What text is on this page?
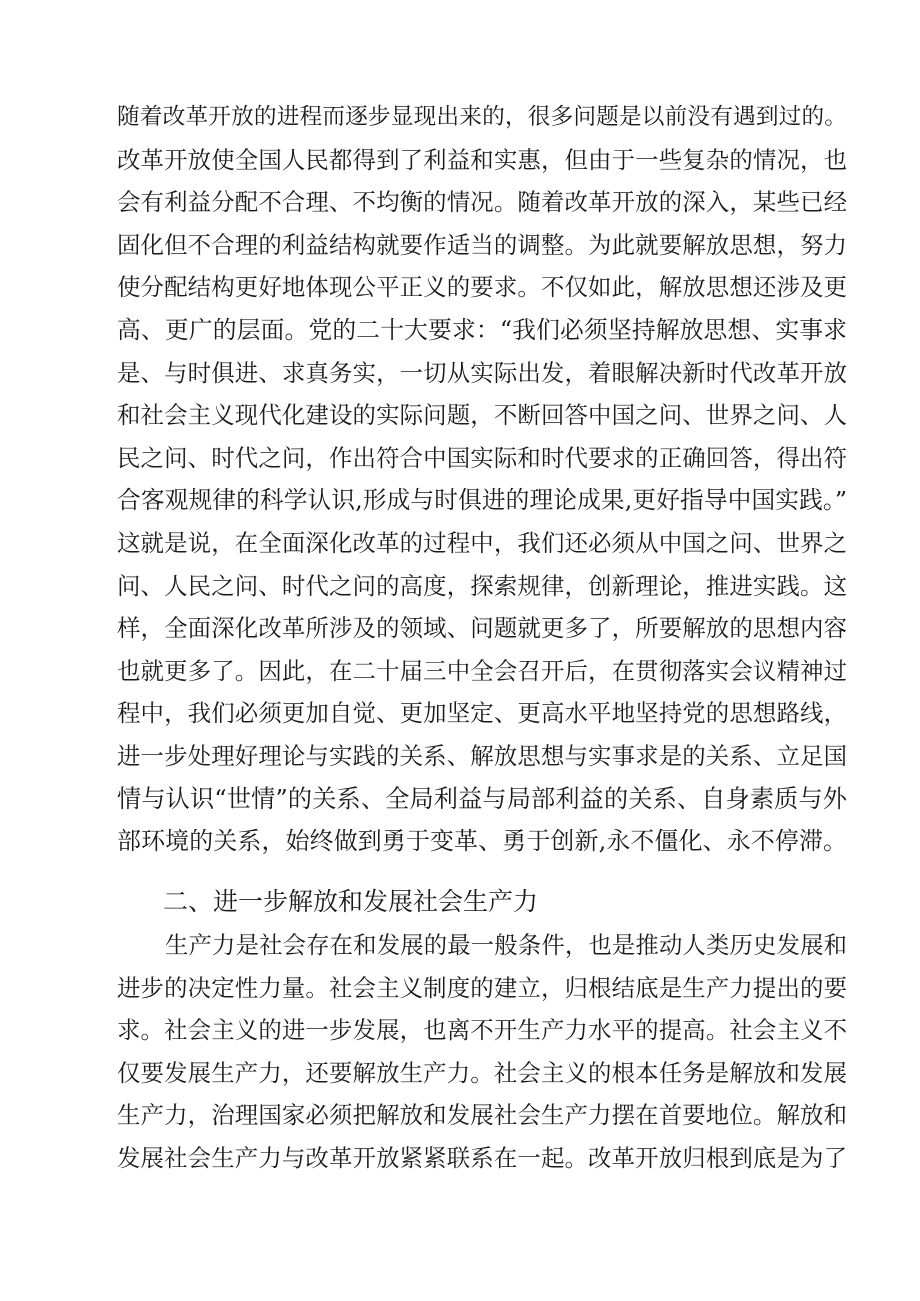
随着改革开放的进程而逐步显现出来的，很多问题是以前没有遇到过的。
改革开放使全国人民都得到了利益和实惠，但由于一些复杂的情况，也
会有利益分配不合理、不均衡的情况。随着改革开放的深入，某些已经
固化但不合理的利益结构就要作适当的调整。为此就要解放思想，努力
使分配结构更好地体现公平正义的要求。不仅如此，解放思想还涉及更
高、更广的层面。党的二十大要求：“我们必须坚持解放思想、实事求
是、与时俱进、求真务实，一切从实际出发，着眼解决新时代改革开放
和社会主义现代化建设的实际问题，不断回答中国之问、世界之问、人
民之问、时代之问，作出符合中国实际和时代要求的正确回答，得出符
合客观规律的科学认识,形成与时俱进的理论成果,更好指导中国实践。”
这就是说，在全面深化改革的过程中，我们还必须从中国之问、世界之
问、人民之问、时代之问的高度，探索规律，创新理论，推进实践。这
样，全面深化改革所涉及的领域、问题就更多了，所要解放的思想内容
也就更多了。因此，在二十届三中全会召开后，在贯彻落实会议精神过
程中，我们必须更加自觉、更加坚定、更高水平地坚持党的思想路线，
进一步处理好理论与实践的关系、解放思想与实事求是的关系、立足国
情与认识“世情”的关系、全局利益与局部利益的关系、自身素质与外
部环境的关系，始终做到勇于变革、勇于创新,永不僵化、永不停滞。
二、进一步解放和发展社会生产力
生产力是社会存在和发展的最一般条件，也是推动人类历史发展和
进步的决定性力量。社会主义制度的建立，归根结底是生产力提出的要
求。社会主义的进一步发展，也离不开生产力水平的提高。社会主义不
仅要发展生产力，还要解放生产力。社会主义的根本任务是解放和发展
生产力，治理国家必须把解放和发展社会生产力摆在首要地位。解放和
发展社会生产力与改革开放紧紧联系在一起。改革开放归根到底是为了
